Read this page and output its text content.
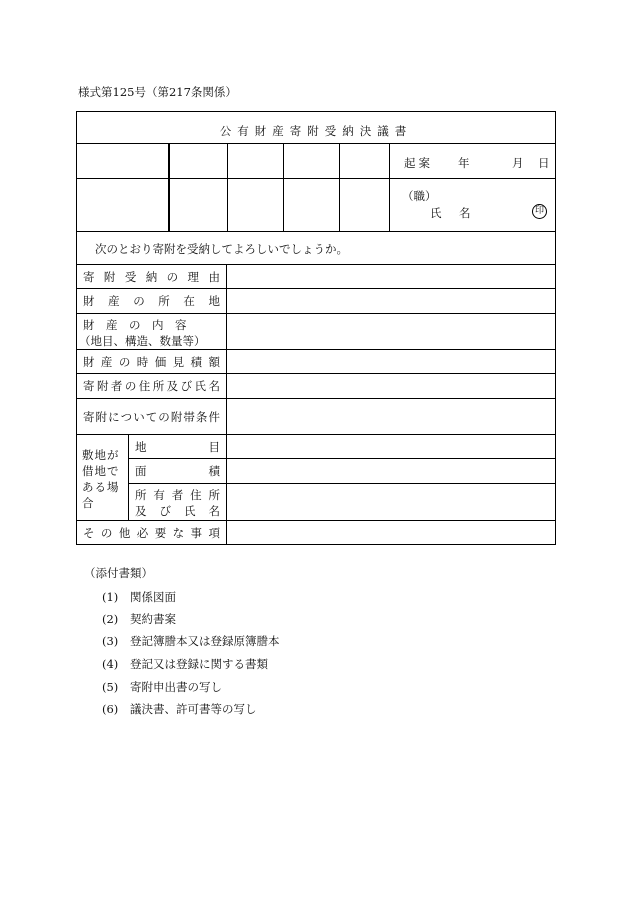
様式第125号（第217条関係）
公有財産寄附受納決議書
起案 年	月 日
（職）
氏　名	印
次のとおり寄附を受納してよろしいでしょうか。
寄 附 受 納 の 理 由
財 産 の 所 在 地
財　産　の　内　容
（地目、構造、数量等）
財 産 の 時 価 見 積 額
寄 附 者 の 住 所 及 び 氏 名
寄 附 に つ い て の 附 帯 条 件
敷地が
借地で
ある場
合
地	目
面	積
所 有 者 住 所
及 び 氏 名
そ の 他 必 要 な 事 項
（添付書類）
(1) 関係図面
(2) 契約書案
(3) 登記簿謄本又は登録原簿謄本
(4) 登記又は登録に関する書類
(5) 寄附申出書の写し
(6) 議決書、許可書等の写し
